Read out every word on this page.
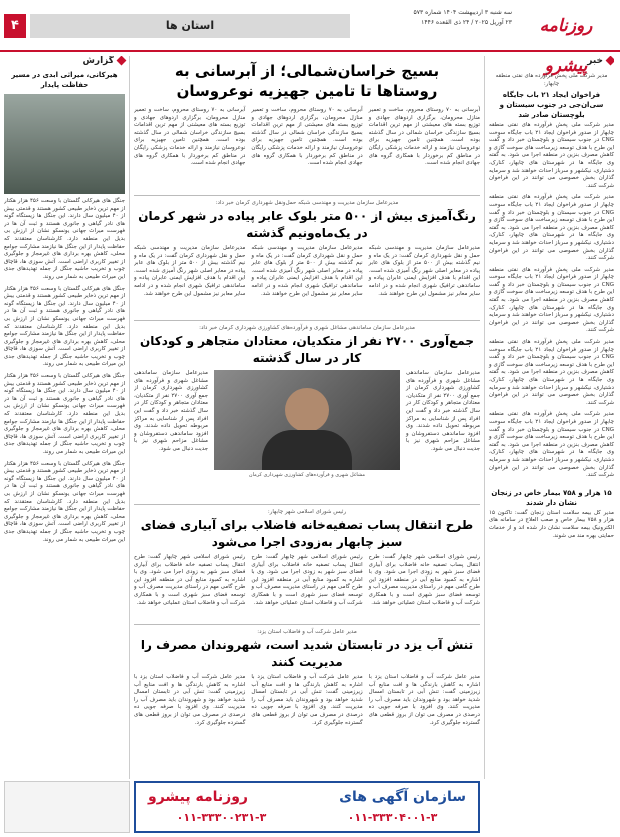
روزنامه پیشرو
سه شنبه ۳ اردیبهشت ۱۴۰۴ شماره ۵۷۳
۲۳ آوریل ۲۰۲۵ / ۲۴ ذی القعده ۱۴۴۶
استان ها
۴
خبر
مدیر شرکت ملی پخش فرآورده های نفتی منطقه چابهار:
فراخوان ایجاد ۲۱ باب جایگاه سی‌ان‌جی در جنوب سیستان و بلوچستان صادر شد
مدیر شرکت ملی پخش فرآورده های نفتی منطقه چابهار از صدور فراخوان ایجاد ۲۱ باب جایگاه سوخت CNG در جنوب سیستان و بلوچستان خبر داد و گفت این طرح با هدف توسعه زیرساخت های سوخت گازی و کاهش مصرف بنزین در منطقه اجرا می شود. به گفته وی جایگاه ها در شهرستان های چابهار، کنارک، دشتیاری، نیکشهر و سرباز احداث خواهند شد و سرمایه گذاران بخش خصوصی می توانند در این فراخوان شرکت کنند.
مدیر شرکت ملی پخش فرآورده های نفتی منطقه چابهار از صدور فراخوان ایجاد ۲۱ باب جایگاه سوخت CNG در جنوب سیستان و بلوچستان خبر داد و گفت این طرح با هدف توسعه زیرساخت های سوخت گازی و کاهش مصرف بنزین در منطقه اجرا می شود. به گفته وی جایگاه ها در شهرستان های چابهار، کنارک، دشتیاری، نیکشهر و سرباز احداث خواهند شد و سرمایه گذاران بخش خصوصی می توانند در این فراخوان شرکت کنند.
مدیر شرکت ملی پخش فرآورده های نفتی منطقه چابهار از صدور فراخوان ایجاد ۲۱ باب جایگاه سوخت CNG در جنوب سیستان و بلوچستان خبر داد و گفت این طرح با هدف توسعه زیرساخت های سوخت گازی و کاهش مصرف بنزین در منطقه اجرا می شود. به گفته وی جایگاه ها در شهرستان های چابهار، کنارک، دشتیاری، نیکشهر و سرباز احداث خواهند شد و سرمایه گذاران بخش خصوصی می توانند در این فراخوان شرکت کنند.
مدیر شرکت ملی پخش فرآورده های نفتی منطقه چابهار از صدور فراخوان ایجاد ۲۱ باب جایگاه سوخت CNG در جنوب سیستان و بلوچستان خبر داد و گفت این طرح با هدف توسعه زیرساخت های سوخت گازی و کاهش مصرف بنزین در منطقه اجرا می شود. به گفته وی جایگاه ها در شهرستان های چابهار، کنارک، دشتیاری، نیکشهر و سرباز احداث خواهند شد و سرمایه گذاران بخش خصوصی می توانند در این فراخوان شرکت کنند.
مدیر شرکت ملی پخش فرآورده های نفتی منطقه چابهار از صدور فراخوان ایجاد ۲۱ باب جایگاه سوخت CNG در جنوب سیستان و بلوچستان خبر داد و گفت این طرح با هدف توسعه زیرساخت های سوخت گازی و کاهش مصرف بنزین در منطقه اجرا می شود. به گفته وی جایگاه ها در شهرستان های چابهار، کنارک، دشتیاری، نیکشهر و سرباز احداث خواهند شد و سرمایه گذاران بخش خصوصی می توانند در این فراخوان شرکت کنند.
۱۵ هزار و ۷۵۸ بیمار خاص در زنجان نشان دار شدند
مدیر کل بیمه سلامت استان زنجان گفت: تاکنون ۱۵ هزار و ۷۵۸ بیمار خاص و صعب العلاج در سامانه های الکترونیک بیمه سلامت نشان دار شده اند و از خدمات حمایتی بهره مند می شوند.
گزارش
هیرکانی، میراثی ابدی در مسیر حفاظت پایدار
جنگل های هیرکانی گلستان با وسعت ۴۵۶ هزار هکتار از مهم ترین ذخایر طبیعی کشور هستند و قدمتی بیش از ۴۰ میلیون سال دارند. این جنگل ها زیستگاه گونه های نادر گیاهی و جانوری هستند و ثبت آن ها در فهرست میراث جهانی یونسکو نشان از ارزش بی بدیل این منطقه دارد. کارشناسان معتقدند که حفاظت پایدار از این جنگل ها نیازمند مشارکت جوامع محلی، کاهش بهره برداری های غیرمجاز و جلوگیری از تغییر کاربری اراضی است. آتش سوزی ها، قاچاق چوب و تخریب حاشیه جنگل از جمله تهدیدهای جدی این میراث طبیعی به شمار می روند.
جنگل های هیرکانی گلستان با وسعت ۴۵۶ هزار هکتار از مهم ترین ذخایر طبیعی کشور هستند و قدمتی بیش از ۴۰ میلیون سال دارند. این جنگل ها زیستگاه گونه های نادر گیاهی و جانوری هستند و ثبت آن ها در فهرست میراث جهانی یونسکو نشان از ارزش بی بدیل این منطقه دارد. کارشناسان معتقدند که حفاظت پایدار از این جنگل ها نیازمند مشارکت جوامع محلی، کاهش بهره برداری های غیرمجاز و جلوگیری از تغییر کاربری اراضی است. آتش سوزی ها، قاچاق چوب و تخریب حاشیه جنگل از جمله تهدیدهای جدی این میراث طبیعی به شمار می روند.
جنگل های هیرکانی گلستان با وسعت ۴۵۶ هزار هکتار از مهم ترین ذخایر طبیعی کشور هستند و قدمتی بیش از ۴۰ میلیون سال دارند. این جنگل ها زیستگاه گونه های نادر گیاهی و جانوری هستند و ثبت آن ها در فهرست میراث جهانی یونسکو نشان از ارزش بی بدیل این منطقه دارد. کارشناسان معتقدند که حفاظت پایدار از این جنگل ها نیازمند مشارکت جوامع محلی، کاهش بهره برداری های غیرمجاز و جلوگیری از تغییر کاربری اراضی است. آتش سوزی ها، قاچاق چوب و تخریب حاشیه جنگل از جمله تهدیدهای جدی این میراث طبیعی به شمار می روند.
جنگل های هیرکانی گلستان با وسعت ۴۵۶ هزار هکتار از مهم ترین ذخایر طبیعی کشور هستند و قدمتی بیش از ۴۰ میلیون سال دارند. این جنگل ها زیستگاه گونه های نادر گیاهی و جانوری هستند و ثبت آن ها در فهرست میراث جهانی یونسکو نشان از ارزش بی بدیل این منطقه دارد. کارشناسان معتقدند که حفاظت پایدار از این جنگل ها نیازمند مشارکت جوامع محلی، کاهش بهره برداری های غیرمجاز و جلوگیری از تغییر کاربری اراضی است. آتش سوزی ها، قاچاق چوب و تخریب حاشیه جنگل از جمله تهدیدهای جدی این میراث طبیعی به شمار می روند.
بسیج خراسان‌شمالی؛ از آبرسانی به روستاها تا تامین جهیزیه نوعروسان
آبرسانی به ۷۰ روستای محروم، ساخت و تعمیر منازل محرومان، برگزاری اردوهای جهادی و توزیع بسته های معیشتی از مهم ترین اقدامات بسیج سازندگی خراسان شمالی در سال گذشته بوده است. همچنین تامین جهیزیه برای نوعروسان نیازمند و ارائه خدمات پزشکی رایگان در مناطق کم برخوردار با همکاری گروه های جهادی انجام شده است.
آبرسانی به ۷۰ روستای محروم، ساخت و تعمیر منازل محرومان، برگزاری اردوهای جهادی و توزیع بسته های معیشتی از مهم ترین اقدامات بسیج سازندگی خراسان شمالی در سال گذشته بوده است. همچنین تامین جهیزیه برای نوعروسان نیازمند و ارائه خدمات پزشکی رایگان در مناطق کم برخوردار با همکاری گروه های جهادی انجام شده است.
آبرسانی به ۷۰ روستای محروم، ساخت و تعمیر منازل محرومان، برگزاری اردوهای جهادی و توزیع بسته های معیشتی از مهم ترین اقدامات بسیج سازندگی خراسان شمالی در سال گذشته بوده است. همچنین تامین جهیزیه برای نوعروسان نیازمند و ارائه خدمات پزشکی رایگان در مناطق کم برخوردار با همکاری گروه های جهادی انجام شده است.
مدیرعامل سازمان مدیریت و مهندسی شبکه حمل‌ونقل شهرداری کرمان خبر داد:
رنگ‌آمیزی بیش از ۵۰۰ متر بلوک عابر پیاده در شهر کرمان در یک‌ماه‌و‌نیم گذشته
مدیرعامل سازمان مدیریت و مهندسی شبکه حمل و نقل شهرداری کرمان گفت: در یک ماه و نیم گذشته بیش از ۵۰۰ متر از بلوک های عابر پیاده در معابر اصلی شهر رنگ آمیزی شده است. این اقدام با هدف افزایش ایمنی عابران پیاده و ساماندهی ترافیک شهری انجام شده و در ادامه سایر معابر نیز مشمول این طرح خواهند شد.
مدیرعامل سازمان مدیریت و مهندسی شبکه حمل و نقل شهرداری کرمان گفت: در یک ماه و نیم گذشته بیش از ۵۰۰ متر از بلوک های عابر پیاده در معابر اصلی شهر رنگ آمیزی شده است. این اقدام با هدف افزایش ایمنی عابران پیاده و ساماندهی ترافیک شهری انجام شده و در ادامه سایر معابر نیز مشمول این طرح خواهند شد.
مدیرعامل سازمان مدیریت و مهندسی شبکه حمل و نقل شهرداری کرمان گفت: در یک ماه و نیم گذشته بیش از ۵۰۰ متر از بلوک های عابر پیاده در معابر اصلی شهر رنگ آمیزی شده است. این اقدام با هدف افزایش ایمنی عابران پیاده و ساماندهی ترافیک شهری انجام شده و در ادامه سایر معابر نیز مشمول این طرح خواهند شد.
مدیرعامل سازمان ساماندهی مشاغل شهری و فرآورده‌های کشاورزی شهرداری کرمان خبر داد:
جمع‌آوری ۲۷۰۰ نفر از متکدیان، معتادان متجاهر و کودکان کار در سال گذشته
مدیرعامل سازمان ساماندهی مشاغل شهری و فرآورده های کشاورزی شهرداری کرمان از جمع آوری ۲۷۰۰ نفر از متکدیان، معتادان متجاهر و کودکان کار در سال گذشته خبر داد و گفت این افراد پس از شناسایی به مراکز مربوطه تحویل داده شدند. وی افزود ساماندهی دستفروشان و مشاغل مزاحم شهری نیز با جدیت دنبال می شود.
مشاغل شهری و فرآورده‌های کشاورزی شهرداری کرمان
مدیرعامل سازمان ساماندهی مشاغل شهری و فرآورده های کشاورزی شهرداری کرمان از جمع آوری ۲۷۰۰ نفر از متکدیان، معتادان متجاهر و کودکان کار در سال گذشته خبر داد و گفت این افراد پس از شناسایی به مراکز مربوطه تحویل داده شدند. وی افزود ساماندهی دستفروشان و مشاغل مزاحم شهری نیز با جدیت دنبال می شود.
رئیس شورای اسلامی شهر چابهار:
طرح انتقال پساب تصفیه‌خانه فاضلاب برای آبیاری فضای سبز چابهار به‌زودی اجرا می‌شود
رئیس شورای اسلامی شهر چابهار گفت: طرح انتقال پساب تصفیه خانه فاضلاب برای آبیاری فضای سبز شهر به زودی اجرا می شود. وی با اشاره به کمبود منابع آبی در منطقه افزود این طرح گامی مهم در راستای مدیریت مصرف آب و توسعه فضای سبز شهری است و با همکاری شرکت آب و فاضلاب استان عملیاتی خواهد شد.
رئیس شورای اسلامی شهر چابهار گفت: طرح انتقال پساب تصفیه خانه فاضلاب برای آبیاری فضای سبز شهر به زودی اجرا می شود. وی با اشاره به کمبود منابع آبی در منطقه افزود این طرح گامی مهم در راستای مدیریت مصرف آب و توسعه فضای سبز شهری است و با همکاری شرکت آب و فاضلاب استان عملیاتی خواهد شد.
رئیس شورای اسلامی شهر چابهار گفت: طرح انتقال پساب تصفیه خانه فاضلاب برای آبیاری فضای سبز شهر به زودی اجرا می شود. وی با اشاره به کمبود منابع آبی در منطقه افزود این طرح گامی مهم در راستای مدیریت مصرف آب و توسعه فضای سبز شهری است و با همکاری شرکت آب و فاضلاب استان عملیاتی خواهد شد.
مدیر عامل شرکت آب و فاضلاب استان یزد:
تنش آب یزد در تابستان شدید است، شهروندان مصرف را مدیریت کنند
مدیر عامل شرکت آب و فاضلاب استان یزد با اشاره به کاهش بارندگی ها و افت منابع آب زیرزمینی گفت: تنش آبی در تابستان امسال شدید خواهد بود و شهروندان باید مصرف آب را مدیریت کنند. وی افزود با صرفه جویی ده درصدی در مصرف می توان از بروز قطعی های گسترده جلوگیری کرد.
مدیر عامل شرکت آب و فاضلاب استان یزد با اشاره به کاهش بارندگی ها و افت منابع آب زیرزمینی گفت: تنش آبی در تابستان امسال شدید خواهد بود و شهروندان باید مصرف آب را مدیریت کنند. وی افزود با صرفه جویی ده درصدی در مصرف می توان از بروز قطعی های گسترده جلوگیری کرد.
مدیر عامل شرکت آب و فاضلاب استان یزد با اشاره به کاهش بارندگی ها و افت منابع آب زیرزمینی گفت: تنش آبی در تابستان امسال شدید خواهد بود و شهروندان باید مصرف آب را مدیریت کنند. وی افزود با صرفه جویی ده درصدی در مصرف می توان از بروز قطعی های گسترده جلوگیری کرد.
سازمان آگهی های
روزنامه پیشرو
۰۱۱-۳۳۳۰۰۲۳۱-۳	۰۱۱-۳۳۳۰۴۰۰۱-۳
